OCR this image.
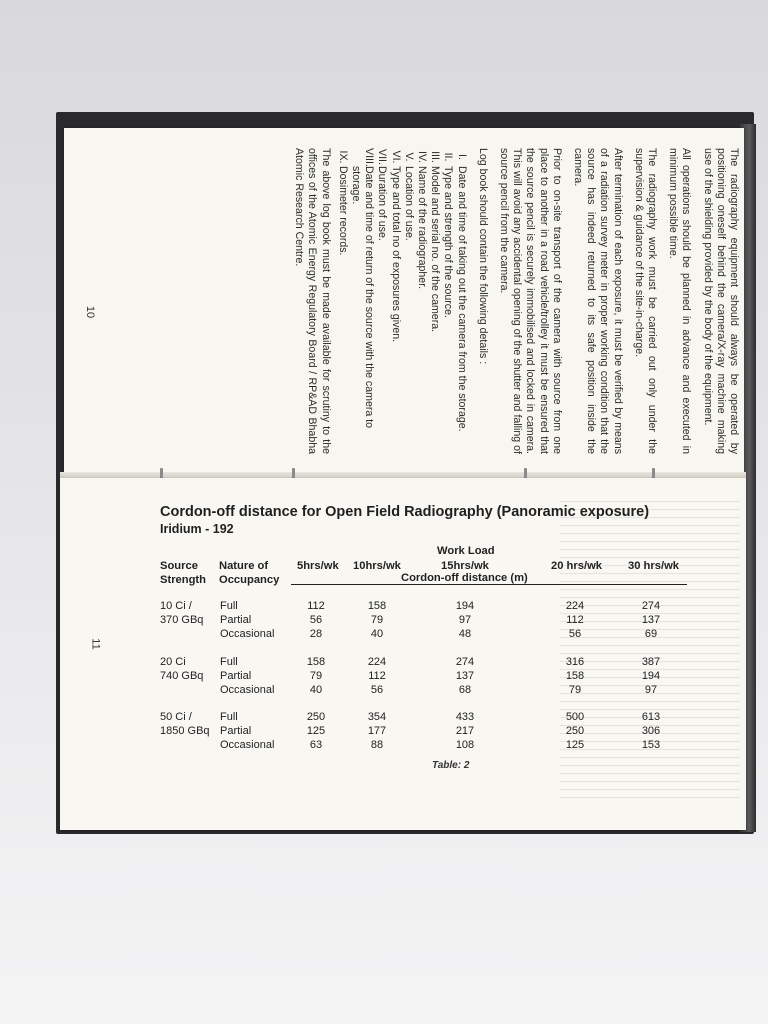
The radiography equipment should always be operated by positioning oneself behind the camera/X-ray machine making use of the shielding provided by the body of the equipment.

All operations should be planned in advance and executed in minimum possible time.

The radiography work must be carried out only under the supervision & guidance of the site-in-charge.

After termination of each exposure, it must be verified by means of a radiation survey meter in proper working condition that the source has indeed returned to its safe position inside the camera.

Prior to on-site transport of the camera with source from one place to another in a road vehicle/trolley it must be ensured that the source pencil is securely immobilised and locked in camera. This will avoid any accidental opening of the shutter and falling of source pencil from the camera.

Log book should contain the following details :

I.
Date and time of taking out the camera from the storage.
II.
Type and strength of the source.
III.
Model and serial no. of the camera.
IV.
Name of the radiographer.
V.
Location of use.
VI.
Type and total no of exposures given.
VII.
Duration of use.
VIII.
Date and time of return of the source with the camera to storage.
IX.
Dosimeter records.

The above log book must be made available for scrutiny to the offices of the Atomic Energy Regulatory Board / RP&AD Bhabha Atomic Research Centre.

10
11
Cordon-off distance for Open Field Radiography (Panoramic exposure)
Iridium - 192
Source
Strength
Nature of
Occupancy
Work Load
5hrs/wk 10hrs/wk	15hrs/wk	20 hrs/wk 30 hrs/wk
Cordon-off distance (m)
10 Ci /
370 GBq
Full	112	158	194	224	274
Partial	56	79	97	112	137
Occasional	28	40	48	56	69
20 Ci
740 GBq
Full	158	224	274	316	387
Partial	79	112	137	158	194
Occasional	40	56	68	79	97
50 Ci /
1850 GBq
Full	250	354	433	500	613
Partial	125	177	217	250	306
Occasional	63	88	108	125	153
Table: 2
